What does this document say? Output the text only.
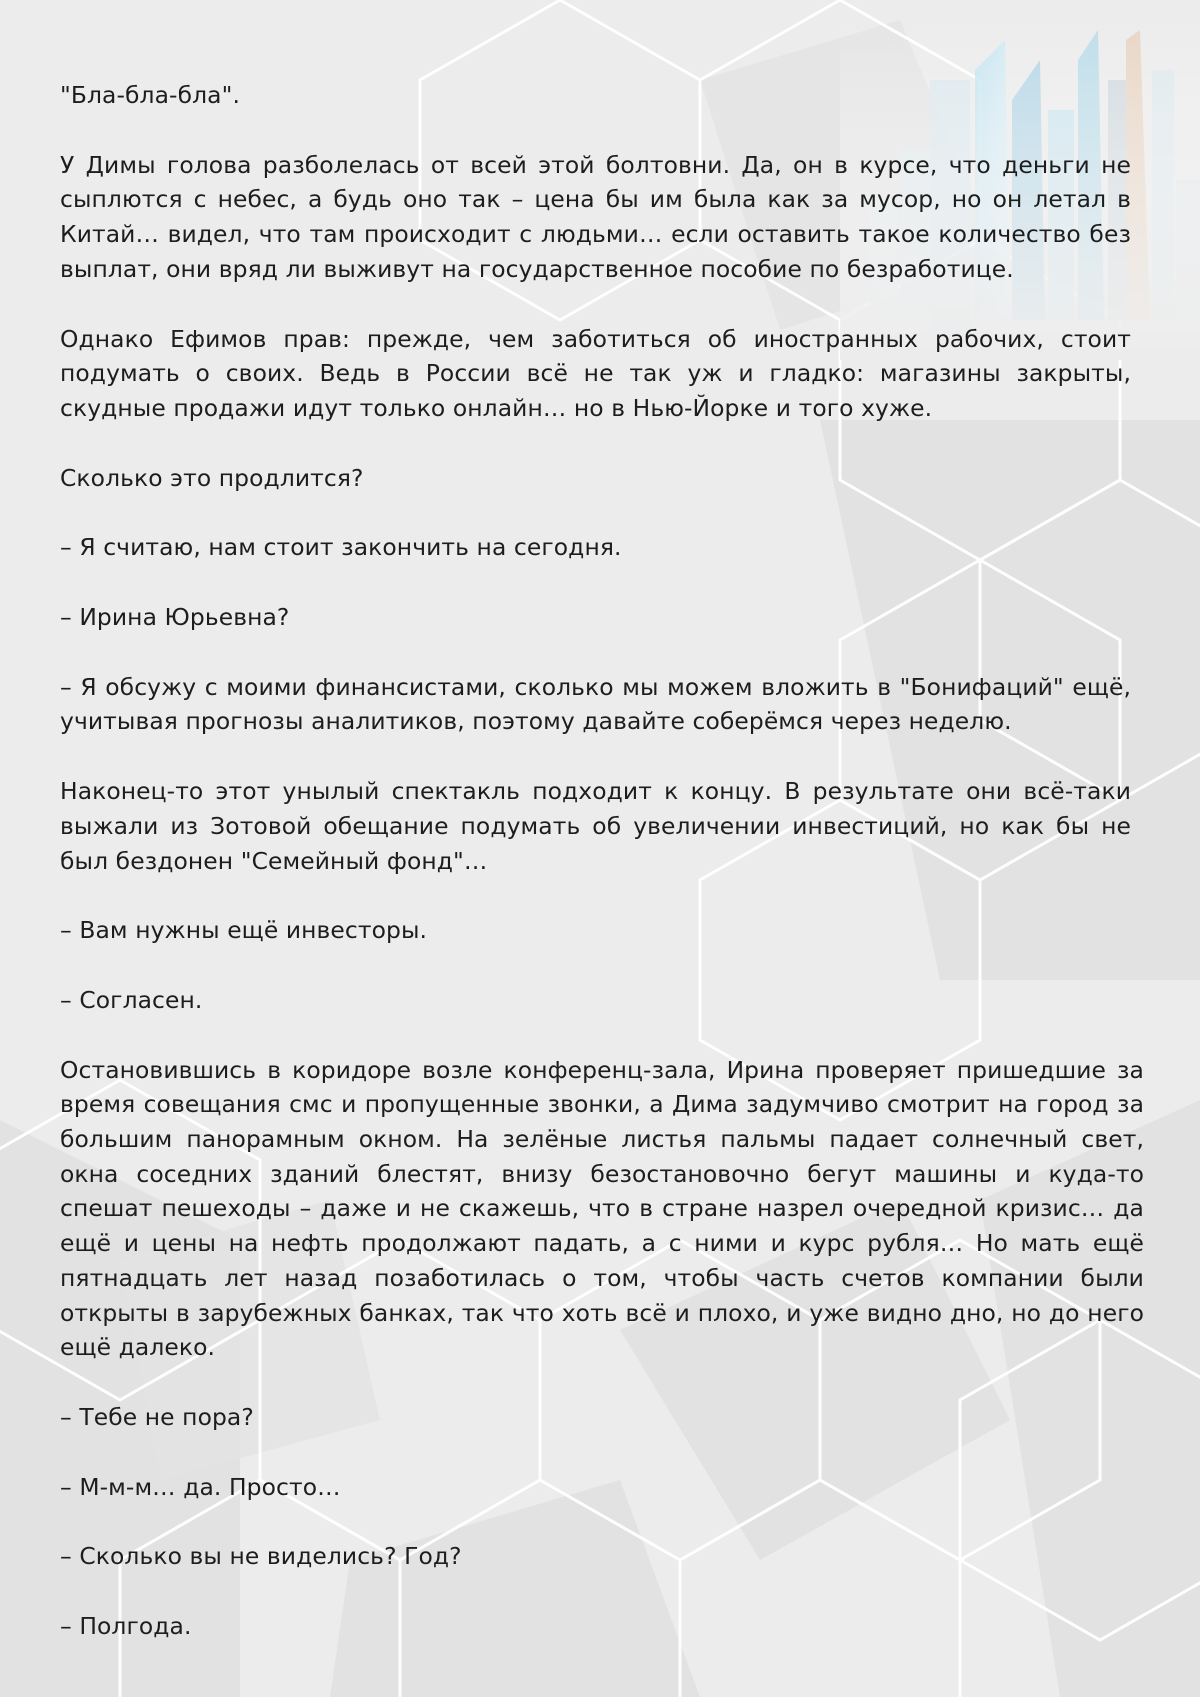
"Бла-бла-бла".

У Димы голова разболелась от всей этой болтовни. Да, он в курсе, что деньги не сыплются с небес, а будь оно так – цена бы им была как за мусор, но он летал в Китай… видел, что там происходит с людьми… если оставить такое количество без выплат, они вряд ли выживут на государственное пособие по безработице.

Однако Ефимов прав: прежде, чем заботиться об иностранных рабочих, стоит подумать о своих. Ведь в России всё не так уж и гладко: магазины закрыты, скудные продажи идут только онлайн… но в Нью-Йорке и того хуже.

Сколько это продлится?

– Я считаю, нам стоит закончить на сегодня.

– Ирина Юрьевна?

– Я обсужу с моими финансистами, сколько мы можем вложить в "Бонифаций" ещё, учитывая прогнозы аналитиков, поэтому давайте соберёмся через неделю.

Наконец-то этот унылый спектакль подходит к концу. В результате они всё-таки выжали из Зотовой обещание подумать об увеличении инвестиций, но как бы не был бездонен "Семейный фонд"…

– Вам нужны ещё инвесторы.

– Согласен.

Остановившись в коридоре возле конференц-зала, Ирина проверяет пришедшие за время совещания смс и пропущенные звонки, а Дима задумчиво смотрит на город за большим панорамным окном. На зелёные листья пальмы падает солнечный свет, окна соседних зданий блестят, внизу безостановочно бегут машины и куда-то спешат пешеходы – даже и не скажешь, что в стране назрел очередной кризис… да ещё и цены на нефть продолжают падать, а с ними и курс рубля… Но мать ещё пятнадцать лет назад позаботилась о том, чтобы часть счетов компании были открыты в зарубежных банках, так что хоть всё и плохо, и уже видно дно, но до него ещё далеко.

– Тебе не пора?

– М-м-м… да. Просто…

– Сколько вы не виделись? Год?

– Полгода.
